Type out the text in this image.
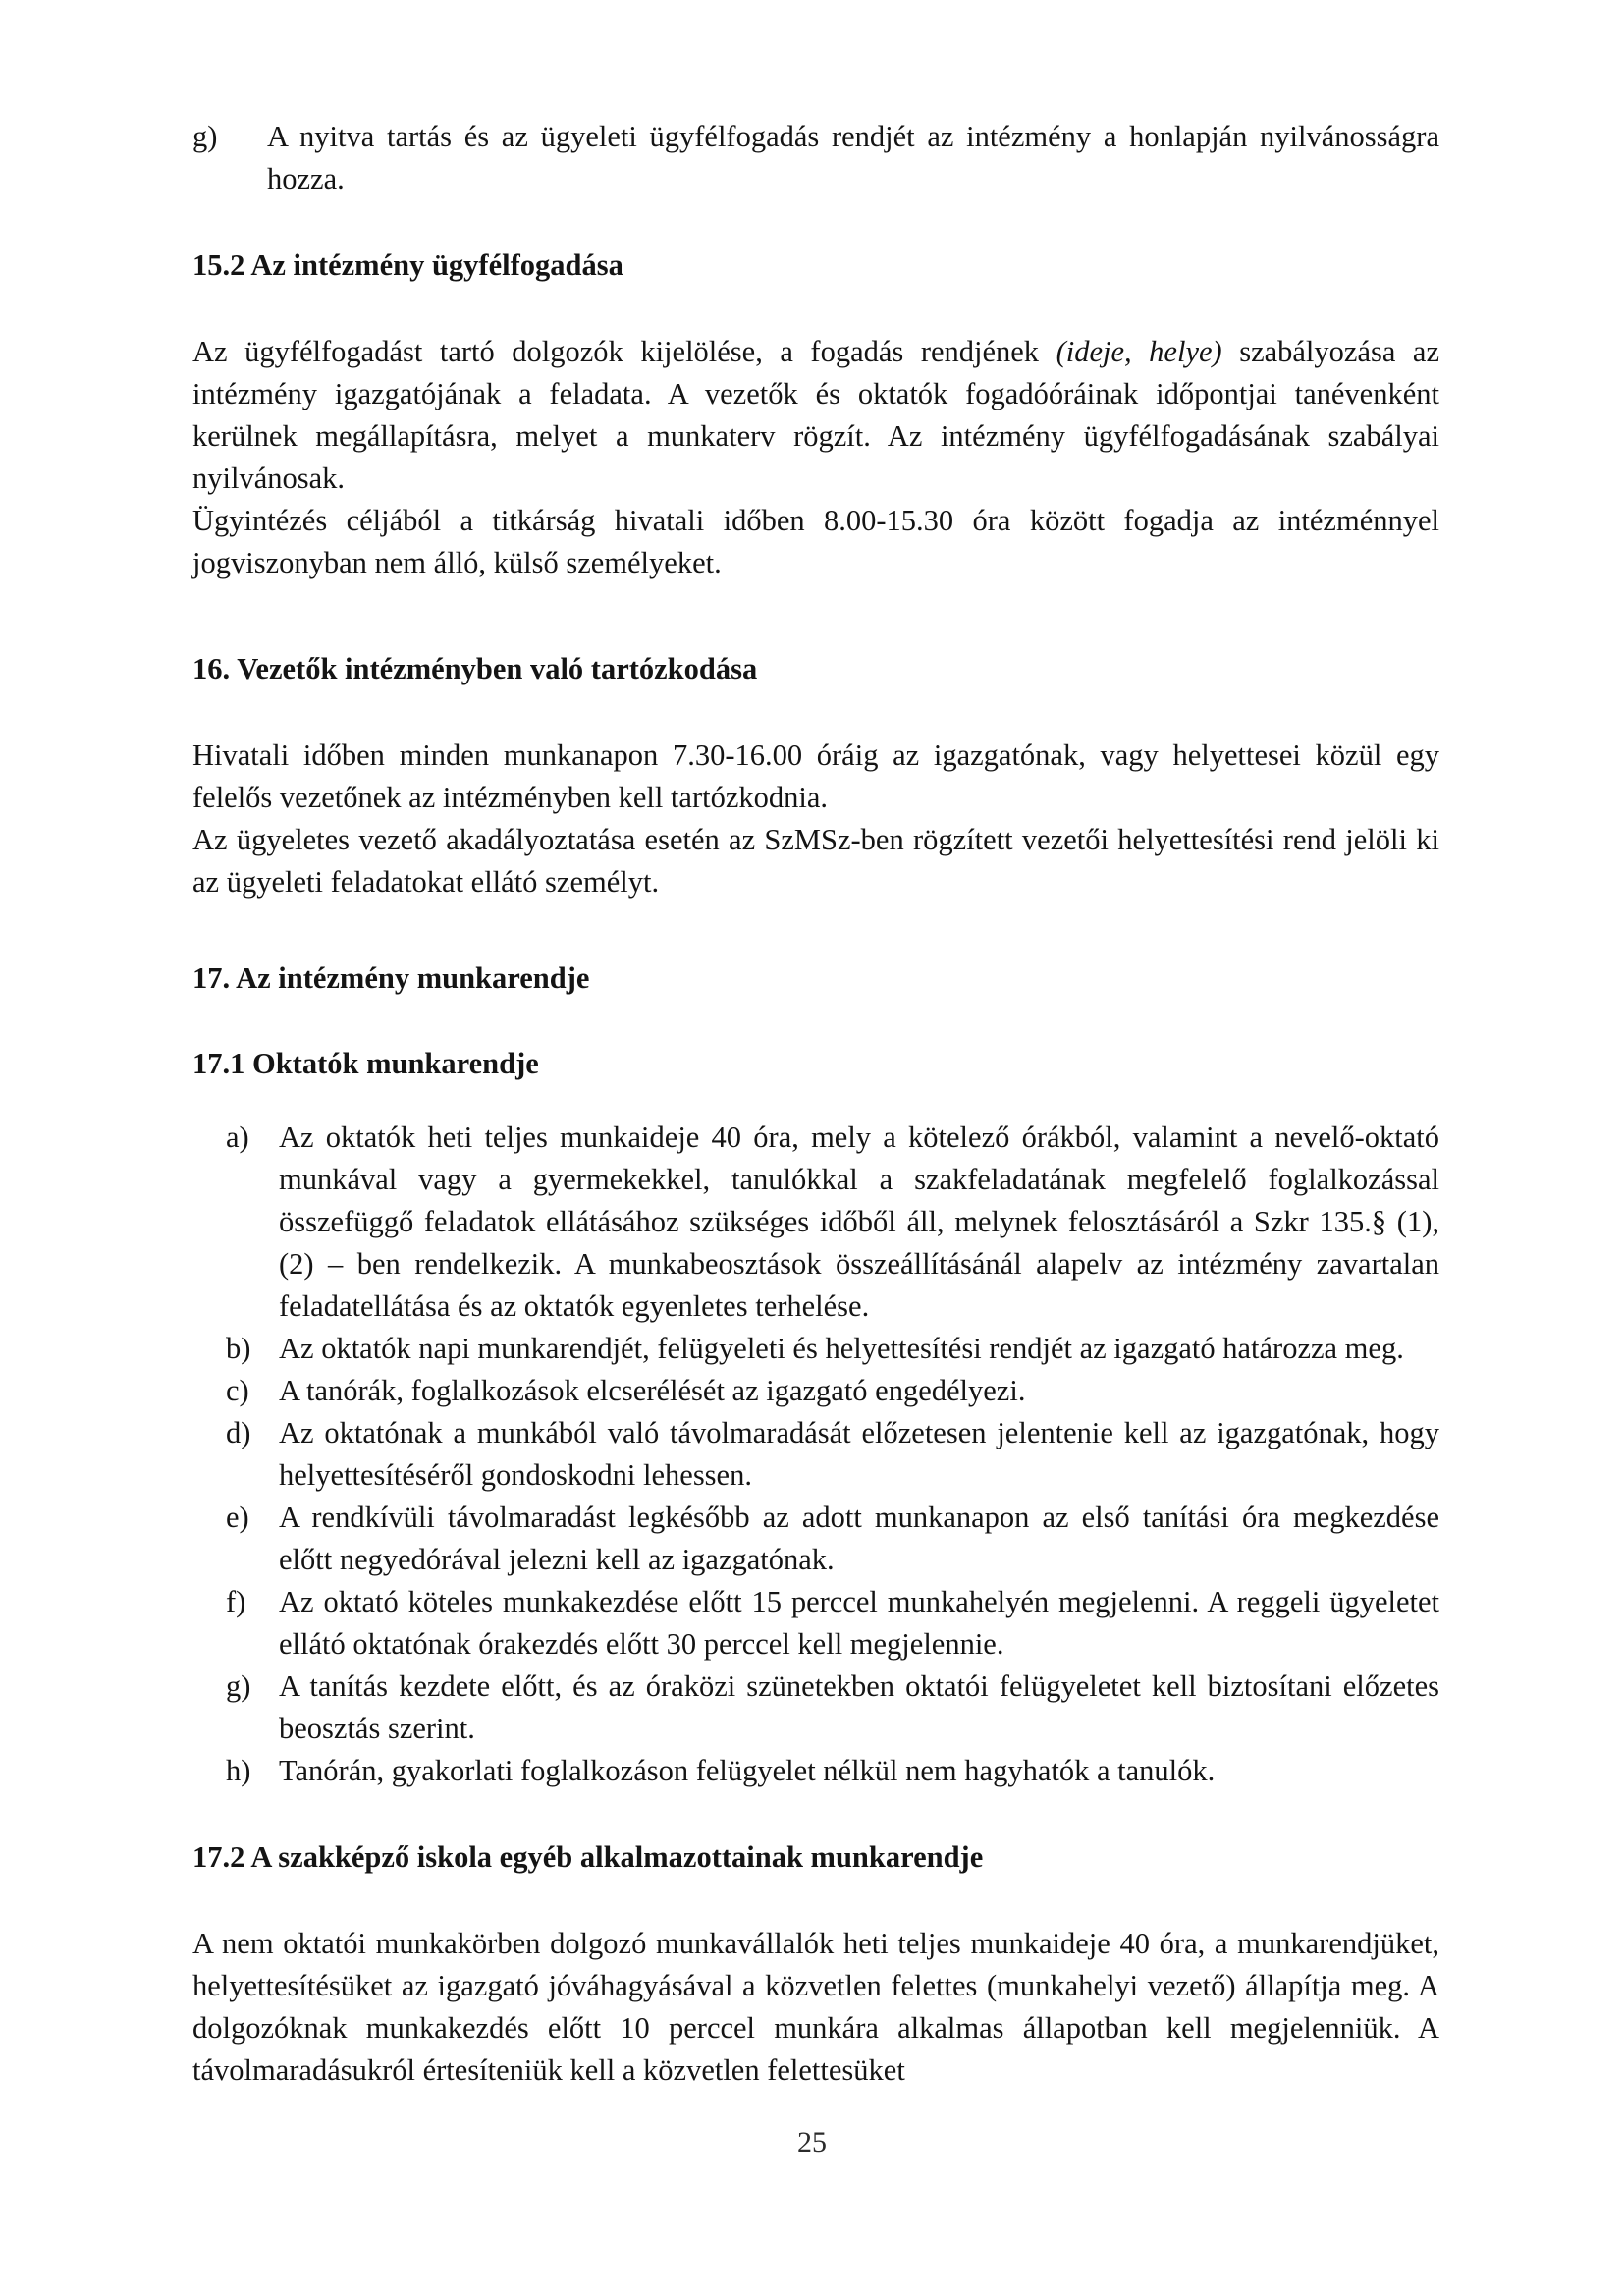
g) A nyitva tartás és az ügyeleti ügyfélfogadás rendjét az intézmény a honlapján nyilvánosságra hozza.
15.2 Az intézmény ügyfélfogadása

Az ügyfélfogadást tartó dolgozók kijelölése, a fogadás rendjének (ideje, helye) szabályozása az intézmény igazgatójának a feladata. A vezetők és oktatók fogadóóráinak időpontjai tanévenként kerülnek megállapításra, melyet a munkaterv rögzít. Az intézmény ügyfélfogadásának szabályai nyilvánosak.

Ügyintézés céljából a titkárság hivatali időben 8.00-15.30 óra között fogadja az intézménnyel jogviszonyban nem álló, külső személyeket.

16. Vezetők intézményben való tartózkodása

Hivatali időben minden munkanapon 7.30-16.00 óráig az igazgatónak, vagy helyettesei közül egy felelős vezetőnek az intézményben kell tartózkodnia.

Az ügyeletes vezető akadályoztatása esetén az SzMSz-ben rögzített vezetői helyettesítési rend jelöli ki az ügyeleti feladatokat ellátó személyt.

17. Az intézmény munkarendje
17.1 Oktatók munkarendje
a) Az oktatók heti teljes munkaideje 40 óra, mely a kötelező órákból, valamint a nevelő-oktató munkával vagy a gyermekekkel, tanulókkal a szakfeladatának megfelelő foglalkozással összefüggő feladatok ellátásához szükséges időből áll, melynek felosztásáról a Szkr 135.§ (1), (2) – ben rendelkezik. A munkabeosztások összeállításánál alapelv az intézmény zavartalan feladatellátása és az oktatók egyenletes terhelése.
b) Az oktatók napi munkarendjét, felügyeleti és helyettesítési rendjét az igazgató határozza meg.
c) A tanórák, foglalkozások elcserélését az igazgató engedélyezi.
d) Az oktatónak a munkából való távolmaradását előzetesen jelentenie kell az igazgatónak, hogy helyettesítéséről gondoskodni lehessen.
e) A rendkívüli távolmaradást legkésőbb az adott munkanapon az első tanítási óra megkezdése előtt negyedórával jelezni kell az igazgatónak.
f)	Az oktató köteles munkakezdése előtt 15 perccel munkahelyén megjelenni. A reggeli ügyeletet ellátó oktatónak órakezdés előtt 30 perccel kell megjelennie.
g) A tanítás kezdete előtt, és az óraközi szünetekben oktatói felügyeletet kell biztosítani előzetes beosztás szerint.
h) Tanórán, gyakorlati foglalkozáson felügyelet nélkül nem hagyhatók a tanulók.
17.2 A szakképző iskola egyéb alkalmazottainak munkarendje

A nem oktatói munkakörben dolgozó munkavállalók heti teljes munkaideje 40 óra, a munkarendjüket, helyettesítésüket az igazgató jóváhagyásával a közvetlen felettes (munkahelyi vezető) állapítja meg. A dolgozóknak munkakezdés előtt 10 perccel munkára alkalmas állapotban kell megjelenniük. A távolmaradásukról értesíteniük kell a közvetlen felettesüket

25
